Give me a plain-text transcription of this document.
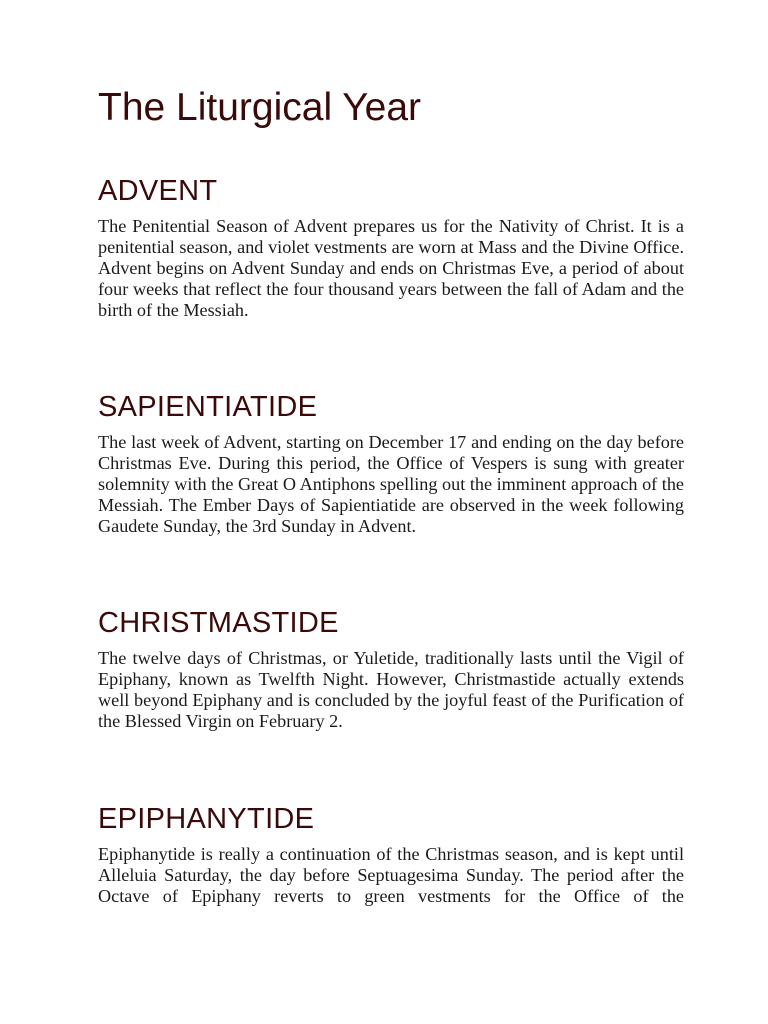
The Liturgical Year
ADVENT

The Penitential Season of Advent prepares us for the Nativity of Christ. It is a penitential season, and violet vestments are worn at Mass and the Divine Office. Advent begins on Advent Sunday and ends on Christmas Eve, a period of about four weeks that reflect the four thousand years between the fall of Adam and the birth of the Messiah.

SAPIENTIATIDE

The last week of Advent, starting on December 17 and ending on the day before Christmas Eve. During this period, the Office of Vespers is sung with greater solemnity with the Great O Antiphons spelling out the imminent approach of the Messiah. The Ember Days of Sapientiatide are observed in the week following Gaudete Sunday, the 3rd Sunday in Advent.

CHRISTMASTIDE

The twelve days of Christmas, or Yuletide, traditionally lasts until the Vigil of Epiphany, known as Twelfth Night. However, Christmastide actually extends well beyond Epiphany and is concluded by the joyful feast of the Purification of the Blessed Virgin on February 2.

EPIPHANYTIDE

Epiphanytide is really a continuation of the Christmas season, and is kept until Alleluia Saturday, the day before Septuagesima Sunday. The period after the Octave of Epiphany reverts to green vestments for the Office of the
